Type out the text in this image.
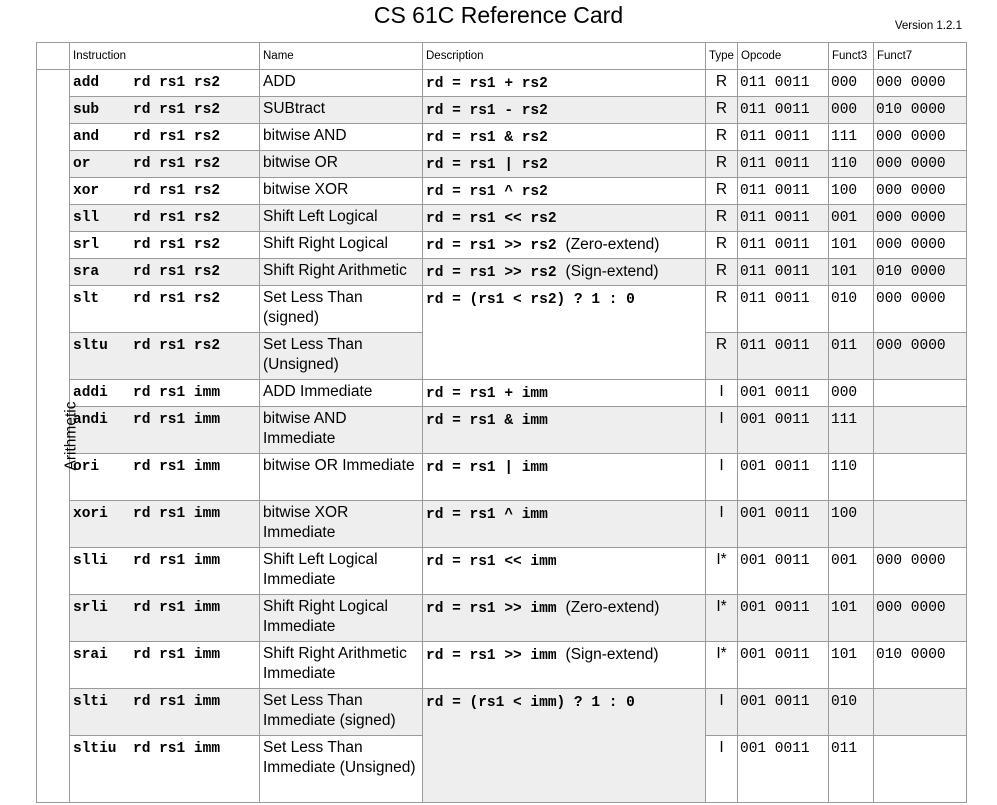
CS 61C Reference Card	Version 1.2.1
	Instruction	Name	Description	Type	Opcode	Funct3	Funct7
Arithmetic	add rd rs1 rs2	ADD	rd = rs1 + rs2	R	011 0011	000	000 0000
	sub rd rs1 rs2	SUBtract	rd = rs1 - rs2	R	011 0011	000	010 0000
	and rd rs1 rs2	bitwise AND	rd = rs1 & rs2	R	011 0011	111	000 0000
	or rd rs1 rs2	bitwise OR	rd = rs1 | rs2	R	011 0011	110	000 0000
	xor rd rs1 rs2	bitwise XOR	rd = rs1 ^ rs2	R	011 0011	100	000 0000
	sll rd rs1 rs2	Shift Left Logical	rd = rs1 << rs2	R	011 0011	001	000 0000
	srl rd rs1 rs2	Shift Right Logical	rd = rs1 >> rs2 (Zero-extend)	R	011 0011	101	000 0000
	sra rd rs1 rs2	Shift Right Arithmetic	rd = rs1 >> rs2 (Sign-extend)	R	011 0011	101	010 0000
	slt rd rs1 rs2	Set Less Than (signed)	rd = (rs1 < rs2) ? 1 : 0	R	011 0011	010	000 0000
	sltu rd rs1 rs2	Set Less Than (Unsigned)		R	011 0011	011	000 0000
	addi rd rs1 imm	ADD Immediate	rd = rs1 + imm	I	001 0011	000	
	andi rd rs1 imm	bitwise AND Immediate	rd = rs1 & imm	I	001 0011	111	
	ori rd rs1 imm	bitwise OR Immediate	rd = rs1 | imm	I	001 0011	110	
	xori rd rs1 imm	bitwise XOR Immediate	rd = rs1 ^ imm	I	001 0011	100	
	slli rd rs1 imm	Shift Left Logical Immediate	rd = rs1 << imm	I*	001 0011	001	000 0000
	srli rd rs1 imm	Shift Right Logical Immediate	rd = rs1 >> imm (Zero-extend)	I*	001 0011	101	000 0000
	srai rd rs1 imm	Shift Right Arithmetic Immediate	rd = rs1 >> imm (Sign-extend)	I*	001 0011	101	010 0000
	slti rd rs1 imm	Set Less Than Immediate (signed)	rd = (rs1 < imm) ? 1 : 0	I	001 0011	010	
	sltiu rd rs1 imm	Set Less Than Immediate (Unsigned)		I	001 0011	011	
